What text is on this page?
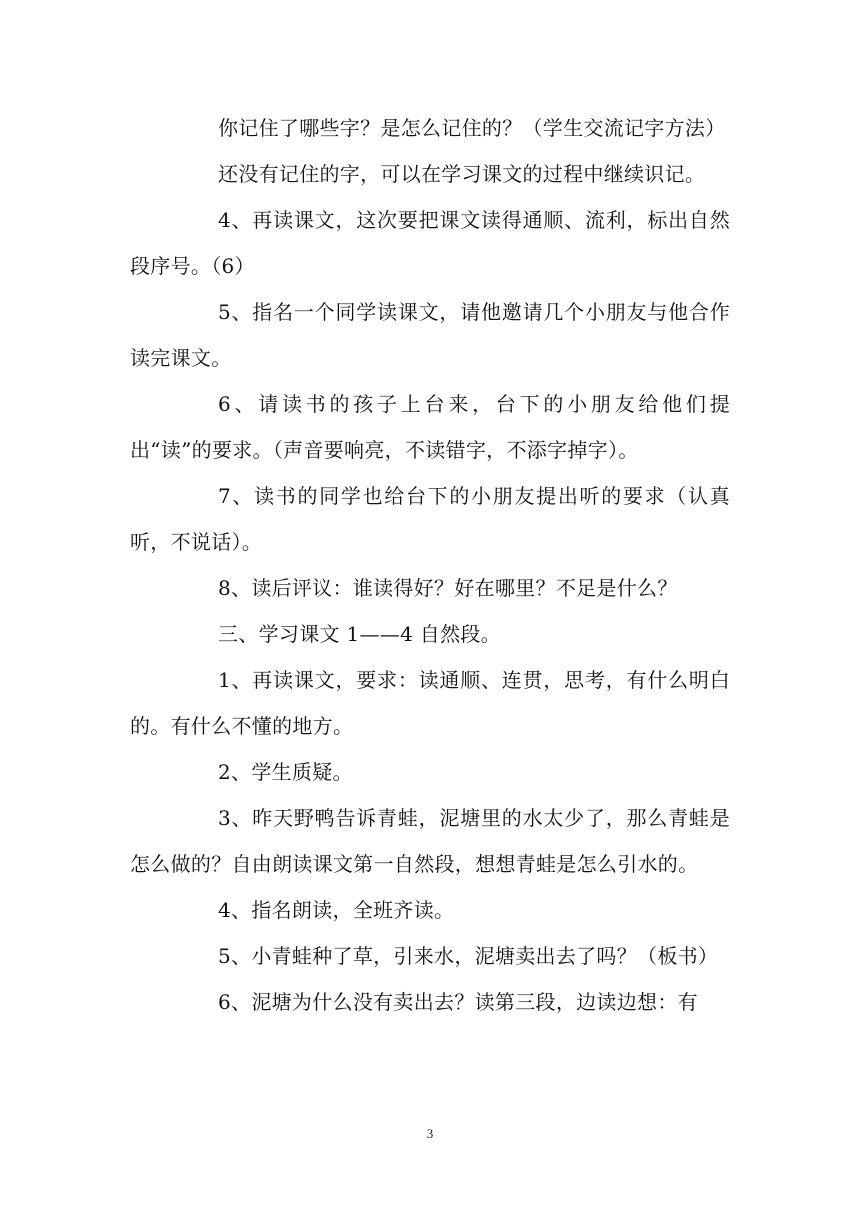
你记住了哪些字？是怎么记住的？（学生交流记字方法）

还没有记住的字，可以在学习课文的过程中继续识记。

4、再读课文，这次要把课文读得通顺、流利，标出自然段序号。（6）

5、指名一个同学读课文，请他邀请几个小朋友与他合作读完课文。

6、请读书的孩子上台来，台下的小朋友给他们提出“读”的要求。（声音要响亮，不读错字，不添字掉字）。

7、读书的同学也给台下的小朋友提出听的要求（认真听，不说话）。

8、读后评议：谁读得好？好在哪里？不足是什么？

三、学习课文 1——4 自然段。

1、再读课文，要求：读通顺、连贯，思考，有什么明白的。有什么不懂的地方。

2、学生质疑。

3、昨天野鸭告诉青蛙，泥塘里的水太少了，那么青蛙是怎么做的？自由朗读课文第一自然段，想想青蛙是怎么引水的。

4、指名朗读，全班齐读。

5、小青蛙种了草，引来水，泥塘卖出去了吗？（板书）

6、泥塘为什么没有卖出去？读第三段，边读边想：有

3
